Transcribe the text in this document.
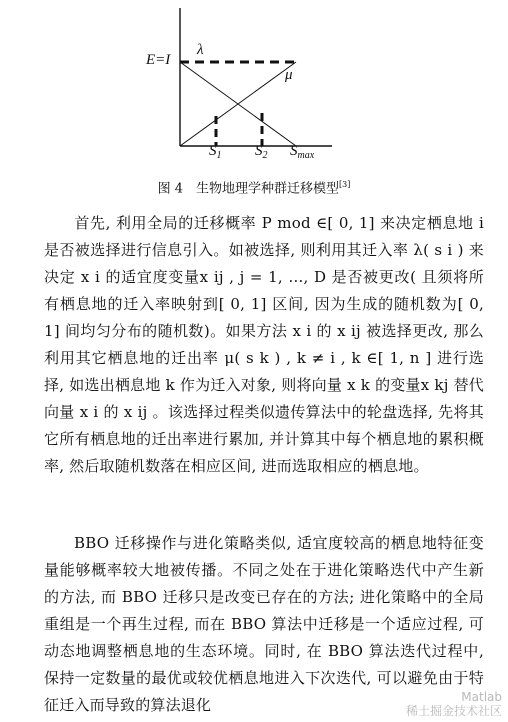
E=I
λ
μ
$S_1$ $S_2$ $S_{max}$
图 4　生物地理学种群迁移模型[3]

首先, 利用全局的迁移概率 P mod ∈[ 0, 1] 来决定栖息地 i 是否被选择进行信息引入。如被选择, 则利用其迁入率 λ( s i ) 来决定 x i 的适宜度变量x ij , j = 1, …, D 是否被更改( 且须将所有栖息地的迁入率映射到[ 0, 1] 区间, 因为生成的随机数为[ 0, 1] 间均匀分布的随机数)。如果方法 x i 的 x ij 被选择更改, 那么利用其它栖息地的迁出率 μ( s k ) , k ≠ i , k ∈[ 1, n ] 进行选择, 如选出栖息地 k 作为迁入对象, 则将向量 x k 的变量x kj 替代向量 x i 的 x ij 。该选择过程类似遗传算法中的轮盘选择, 先将其它所有栖息地的迁出率进行累加, 并计算其中每个栖息地的累积概率, 然后取随机数落在相应区间, 进而选取相应的栖息地。

BBO 迁移操作与进化策略类似, 适宜度较高的栖息地特征变量能够概率较大地被传播。不同之处在于进化策略迭代中产生新的方法, 而 BBO 迁移只是改变已存在的方法; 进化策略中的全局重组是一个再生过程, 而在 BBO 算法中迁移是一个适应过程, 可动态地调整栖息地的生态环境。同时, 在 BBO 算法迭代过程中, 保持一定数量的最优或较优栖息地进入下次迭代, 可以避免由于特征迁入而导致的算法退化	Matlab
稀土掘金技术社区
